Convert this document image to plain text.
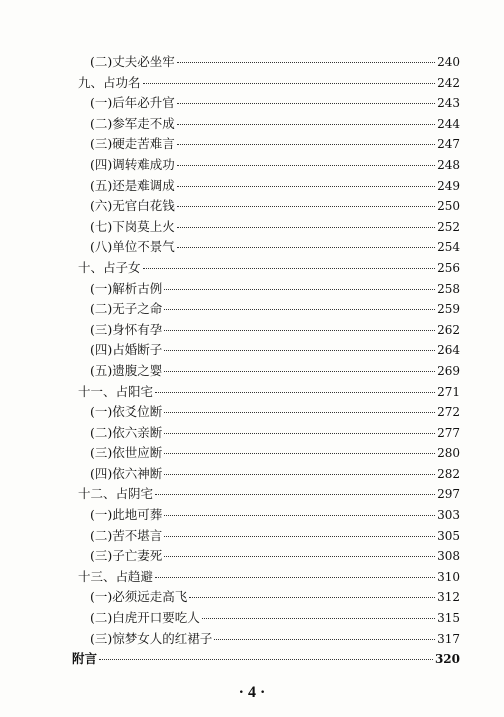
(二)丈夫必坐牢	240
九、占功名	242
(一)后年必升官	243
(二)参军走不成	244
(三)硬走苦难言	247
(四)调转难成功	248
(五)还是难调成	249
(六)无官白花钱	250
(七)下岗莫上火	252
(八)单位不景气	254
十、占子女	256
(一)解析古例	258
(二)无子之命	259
(三)身怀有孕	262
(四)占婚断子	264
(五)遗腹之婴	269
十一、占阳宅	271
(一)依爻位断	272
(二)依六亲断	277
(三)依世应断	280
(四)依六神断	282
十二、占阴宅	297
(一)此地可葬	303
(二)苦不堪言	305
(三)子亡妻死	308
十三、占趋避	310
(一)必须远走高飞	312
(二)白虎开口要吃人	315
(三)惊梦女人的红裙子	317
附言	320
· 4 ·
